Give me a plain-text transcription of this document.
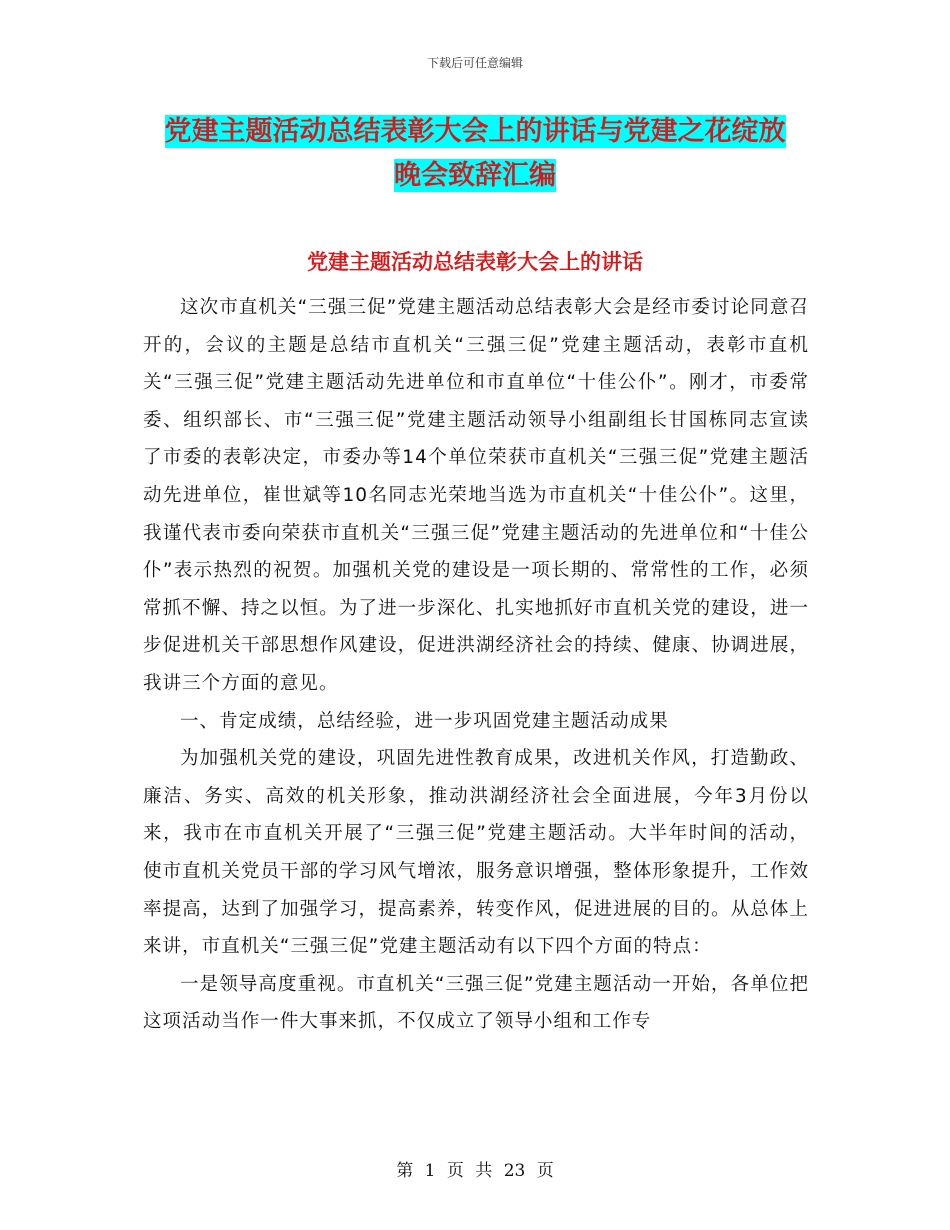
下载后可任意编辑
党建主题活动总结表彰大会上的讲话与党建之花绽放
晚会致辞汇编
党建主题活动总结表彰大会上的讲话

这次市直机关“三强三促”党建主题活动总结表彰大会是经市委讨论同意召开的，会议的主题是总结市直机关“三强三促”党建主题活动，表彰市直机关“三强三促”党建主题活动先进单位和市直单位“十佳公仆”。刚才，市委常委、组织部长、市“三强三促”党建主题活动领导小组副组长甘国栋同志宣读了市委的表彰决定，市委办等14个单位荣获市直机关“三强三促”党建主题活动先进单位，崔世斌等10名同志光荣地当选为市直机关“十佳公仆”。这里，我谨代表市委向荣获市直机关“三强三促”党建主题活动的先进单位和“十佳公仆”表示热烈的祝贺。加强机关党的建设是一项长期的、常常性的工作，必须常抓不懈、持之以恒。为了进一步深化、扎实地抓好市直机关党的建设，进一步促进机关干部思想作风建设，促进洪湖经济社会的持续、健康、协调进展，我讲三个方面的意见。

一、肯定成绩，总结经验，进一步巩固党建主题活动成果

为加强机关党的建设，巩固先进性教育成果，改进机关作风，打造勤政、廉洁、务实、高效的机关形象，推动洪湖经济社会全面进展，今年3月份以来，我市在市直机关开展了“三强三促”党建主题活动。大半年时间的活动，使市直机关党员干部的学习风气增浓，服务意识增强，整体形象提升，工作效率提高，达到了加强学习，提高素养，转变作风，促进进展的目的。从总体上来讲，市直机关“三强三促”党建主题活动有以下四个方面的特点：

一是领导高度重视。市直机关“三强三促”党建主题活动一开始，各单位把这项活动当作一件大事来抓，不仅成立了领导小组和工作专

第 1 页 共 23 页
